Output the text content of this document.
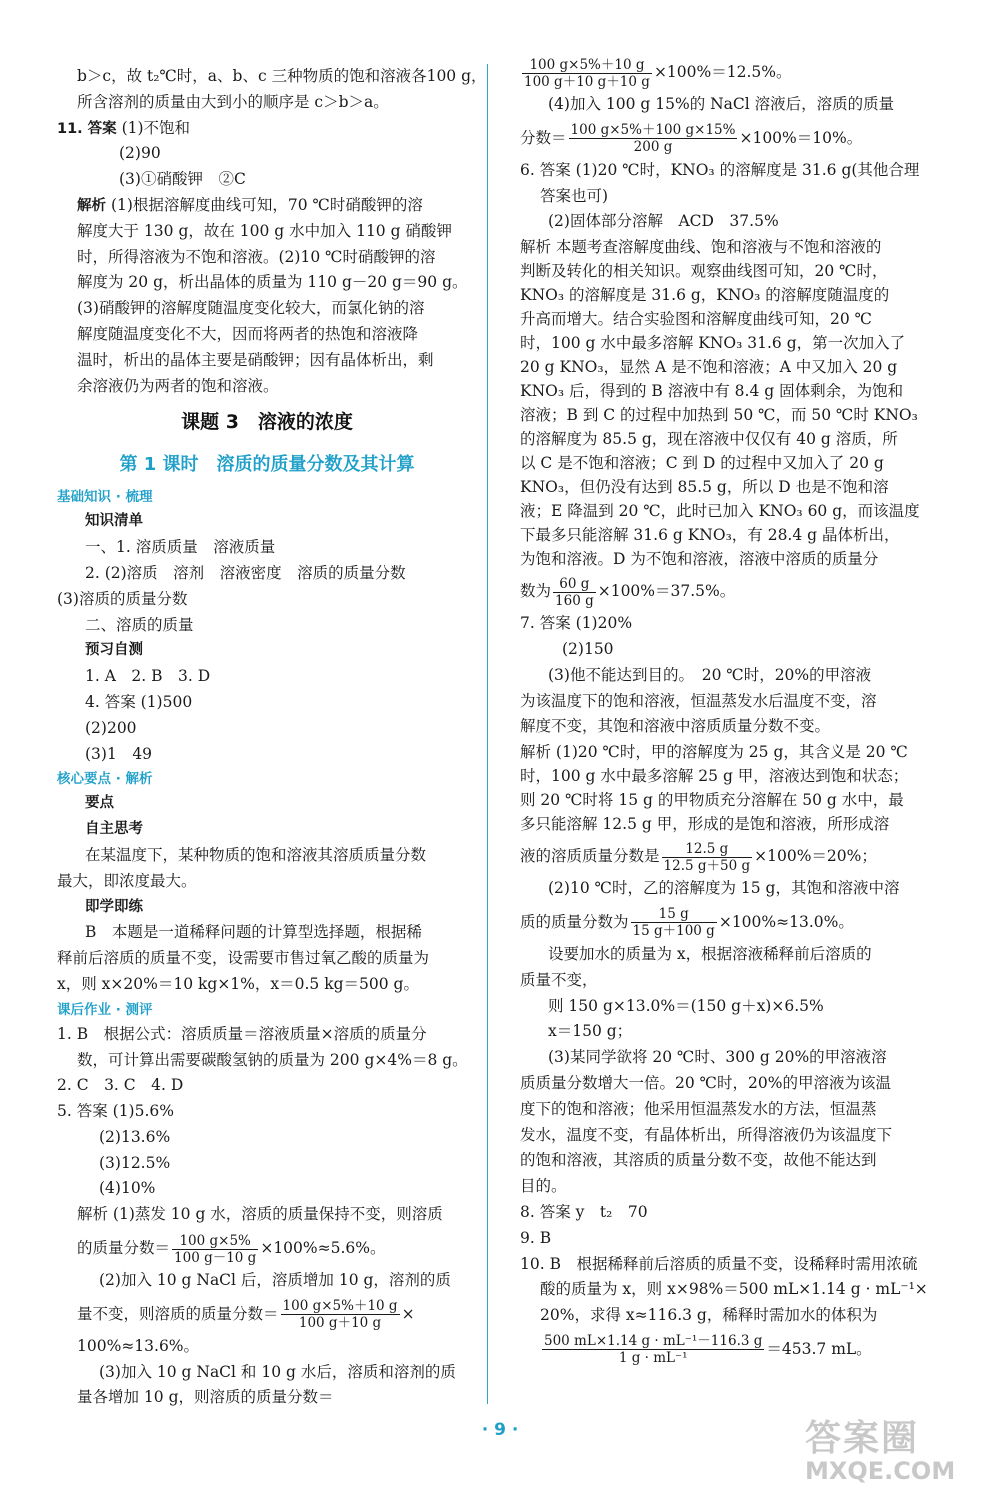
b＞c，故 t₂℃时，a、b、c 三种物质的饱和溶液各100 g，
所含溶剂的质量由大到小的顺序是 c＞b＞a。
11. 答案 (1)不饱和
(2)90
(3)①硝酸钾　②C
解析 (1)根据溶解度曲线可知，70 ℃时硝酸钾的溶
解度大于 130 g，故在 100 g 水中加入 110 g 硝酸钾
时，所得溶液为不饱和溶液。(2)10 ℃时硝酸钾的溶
解度为 20 g，析出晶体的质量为 110 g－20 g＝90 g。
(3)硝酸钾的溶解度随温度变化较大，而氯化钠的溶
解度随温度变化不大，因而将两者的热饱和溶液降
温时，析出的晶体主要是硝酸钾；因有晶体析出，剩
余溶液仍为两者的饱和溶液。
课题 3　溶液的浓度
第 1 课时　溶质的质量分数及其计算
基础知识 · 梳理
知识清单
一、1. 溶质质量　溶液质量
2. (2)溶质　溶剂　溶液密度　溶质的质量分数
(3)溶质的质量分数
二、溶质的质量
预习自测
1. A　2. B　3. D
4. 答案 (1)500
(2)200
(3)1　49
核心要点 · 解析
要点
自主思考
在某温度下，某种物质的饱和溶液其溶质质量分数
最大，即浓度最大。
即学即练
B　本题是一道稀释问题的计算型选择题，根据稀
释前后溶质的质量不变，设需要市售过氧乙酸的质量为
x，则 x×20%＝10 kg×1%，x＝0.5 kg＝500 g。
课后作业 · 测评
1. B　根据公式：溶质质量＝溶液质量×溶质的质量分
数，可计算出需要碳酸氢钠的质量为 200 g×4%＝8 g。
2. C　3. C　4. D
5. 答案 (1)5.6%
(2)13.6%
(3)12.5%
(4)10%
解析 (1)蒸发 10 g 水，溶质的质量保持不变，则溶质
的质量分数＝ $\frac{100 g\times 5\%}{100 g-10 g} \times 100\%\approx 5.6\%$。
(2)加入 10 g NaCl 后，溶质增加 10 g，溶剂的质
量不变，则溶质的质量分数＝ $\frac{100 g\times 5\%+10 g}{100 g+10 g}$ ×
100%≈13.6%。
(3)加入 10 g NaCl 和 10 g 水后，溶质和溶剂的质
量各增加 10 g，则溶质的质量分数＝
$\frac{100 g\times 5\%+10 g}{100 g+10 g+10 g} \times 100\%=12.5\%$。
(4)加入 100 g 15%的 NaCl 溶液后，溶质的质量
分数＝ $\frac{100 g\times 5\%+100 g\times 15\%}{200 g} \times 100\%=10\%$。
6. 答案 (1)20 ℃时，KNO₃ 的溶解度是 31.6 g(其他合理
答案也可)
(2)固体部分溶解　ACD　37.5%
解析 本题考查溶解度曲线、饱和溶液与不饱和溶液的
判断及转化的相关知识。观察曲线图可知，20 ℃时，
KNO₃ 的溶解度是 31.6 g，KNO₃ 的溶解度随温度的
升高而增大。结合实验图和溶解度曲线可知，20 ℃
时，100 g 水中最多溶解 KNO₃ 31.6 g，第一次加入了
20 g KNO₃，显然 A 是不饱和溶液；A 中又加入 20 g
KNO₃ 后，得到的 B 溶液中有 8.4 g 固体剩余，为饱和
溶液；B 到 C 的过程中加热到 50 ℃，而 50 ℃时 KNO₃
的溶解度为 85.5 g，现在溶液中仅仅有 40 g 溶质，所
以 C 是不饱和溶液；C 到 D 的过程中又加入了 20 g
KNO₃，但仍没有达到 85.5 g，所以 D 也是不饱和溶
液；E 降温到 20 ℃，此时已加入 KNO₃ 60 g，而该温度
下最多只能溶解 31.6 g KNO₃，有 28.4 g 晶体析出，
为饱和溶液。D 为不饱和溶液，溶液中溶质的质量分
数为 $\frac{60 g}{160 g} \times 100\%=37.5\%$。
7. 答案 (1)20%
(2)150
(3)他不能达到目的。　20 ℃时，20%的甲溶液
为该温度下的饱和溶液，恒温蒸发水后温度不变，溶
解度不变，其饱和溶液中溶质质量分数不变。
解析 (1)20 ℃时，甲的溶解度为 25 g，其含义是 20 ℃
时，100 g 水中最多溶解 25 g 甲，溶液达到饱和状态；
则 20 ℃时将 15 g 的甲物质充分溶解在 50 g 水中，最
多只能溶解 12.5 g 甲，形成的是饱和溶液，所形成溶
液的溶质质量分数是 $\frac{12.5 g}{12.5 g+50 g} \times 100\%=20\%$；
(2)10 ℃时，乙的溶解度为 15 g，其饱和溶液中溶
质的质量分数为 $\frac{15 g}{15 g+100 g} \times 100\%\approx 13.0\%$。
设要加水的质量为 x，根据溶液稀释前后溶质的
质量不变，
则 150 g×13.0%＝(150 g＋x)×6.5%
x＝150 g；
(3)某同学欲将 20 ℃时、300 g 20%的甲溶液溶
质质量分数增大一倍。20 ℃时，20%的甲溶液为该温
度下的饱和溶液；他采用恒温蒸发水的方法，恒温蒸
发水，温度不变，有晶体析出，所得溶液仍为该温度下
的饱和溶液，其溶质的质量分数不变，故他不能达到
目的。
8. 答案 y　t₂　70
9. B
10. B　根据稀释前后溶质的质量不变，设稀释时需用浓硫
酸的质量为 x，则 x×98%＝500 mL×1.14 g · mL⁻¹×
20%，求得 x≈116.3 g，稀释时需加水的体积为
$\frac{\text{500 mL×1.14 g · mL⁻¹－116.3 g}}{\text{1 g · mL⁻¹}} =453.7$ mL。
· 9 ·	答案圈
MXQE.COM
